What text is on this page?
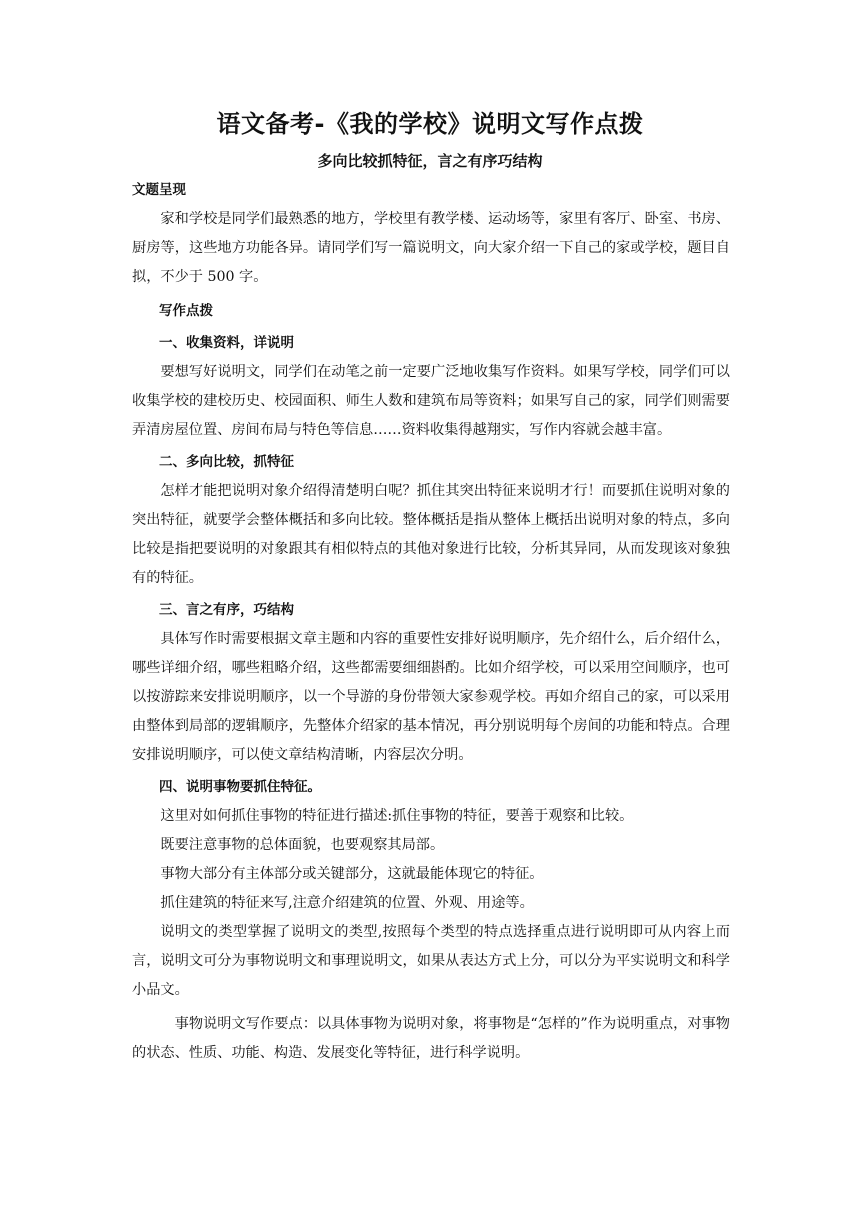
语文备考-《我的学校》说明文写作点拨
多向比较抓特征，言之有序巧结构

文题呈现

家和学校是同学们最熟悉的地方，学校里有教学楼、运动场等，家里有客厅、卧室、书房、厨房等，这些地方功能各异。请同学们写一篇说明文，向大家介绍一下自己的家或学校，题目自拟，不少于 500 字。

写作点拨

一、收集资料，详说明

要想写好说明文，同学们在动笔之前一定要广泛地收集写作资料。如果写学校，同学们可以收集学校的建校历史、校园面积、师生人数和建筑布局等资料；如果写自己的家，同学们则需要弄清房屋位置、房间布局与特色等信息……资料收集得越翔实，写作内容就会越丰富。

二、多向比较，抓特征

怎样才能把说明对象介绍得清楚明白呢？抓住其突出特征来说明才行！而要抓住说明对象的突出特征，就要学会整体概括和多向比较。整体概括是指从整体上概括出说明对象的特点，多向比较是指把要说明的对象跟其有相似特点的其他对象进行比较，分析其异同，从而发现该对象独有的特征。

三、言之有序，巧结构

具体写作时需要根据文章主题和内容的重要性安排好说明顺序，先介绍什么，后介绍什么，哪些详细介绍，哪些粗略介绍，这些都需要细细斟酌。比如介绍学校，可以采用空间顺序，也可以按游踪来安排说明顺序，以一个导游的身份带领大家参观学校。再如介绍自己的家，可以采用由整体到局部的逻辑顺序，先整体介绍家的基本情况，再分别说明每个房间的功能和特点。合理安排说明顺序，可以使文章结构清晰，内容层次分明。

四、说明事物要抓住特征。

这里对如何抓住事物的特征进行描述:抓住事物的特征，要善于观察和比较。

既要注意事物的总体面貌，也要观察其局部。

事物大部分有主体部分或关键部分，这就最能体现它的特征。

抓住建筑的特征来写,注意介绍建筑的位置、外观、用途等。

说明文的类型掌握了说明文的类型,按照每个类型的特点选择重点进行说明即可从内容上而言，说明文可分为事物说明文和事理说明文，如果从表达方式上分，可以分为平实说明文和科学小品文。

事物说明文写作要点：以具体事物为说明对象，将事物是“怎样的”作为说明重点，对事物的状态、性质、功能、构造、发展变化等特征，进行科学说明。
